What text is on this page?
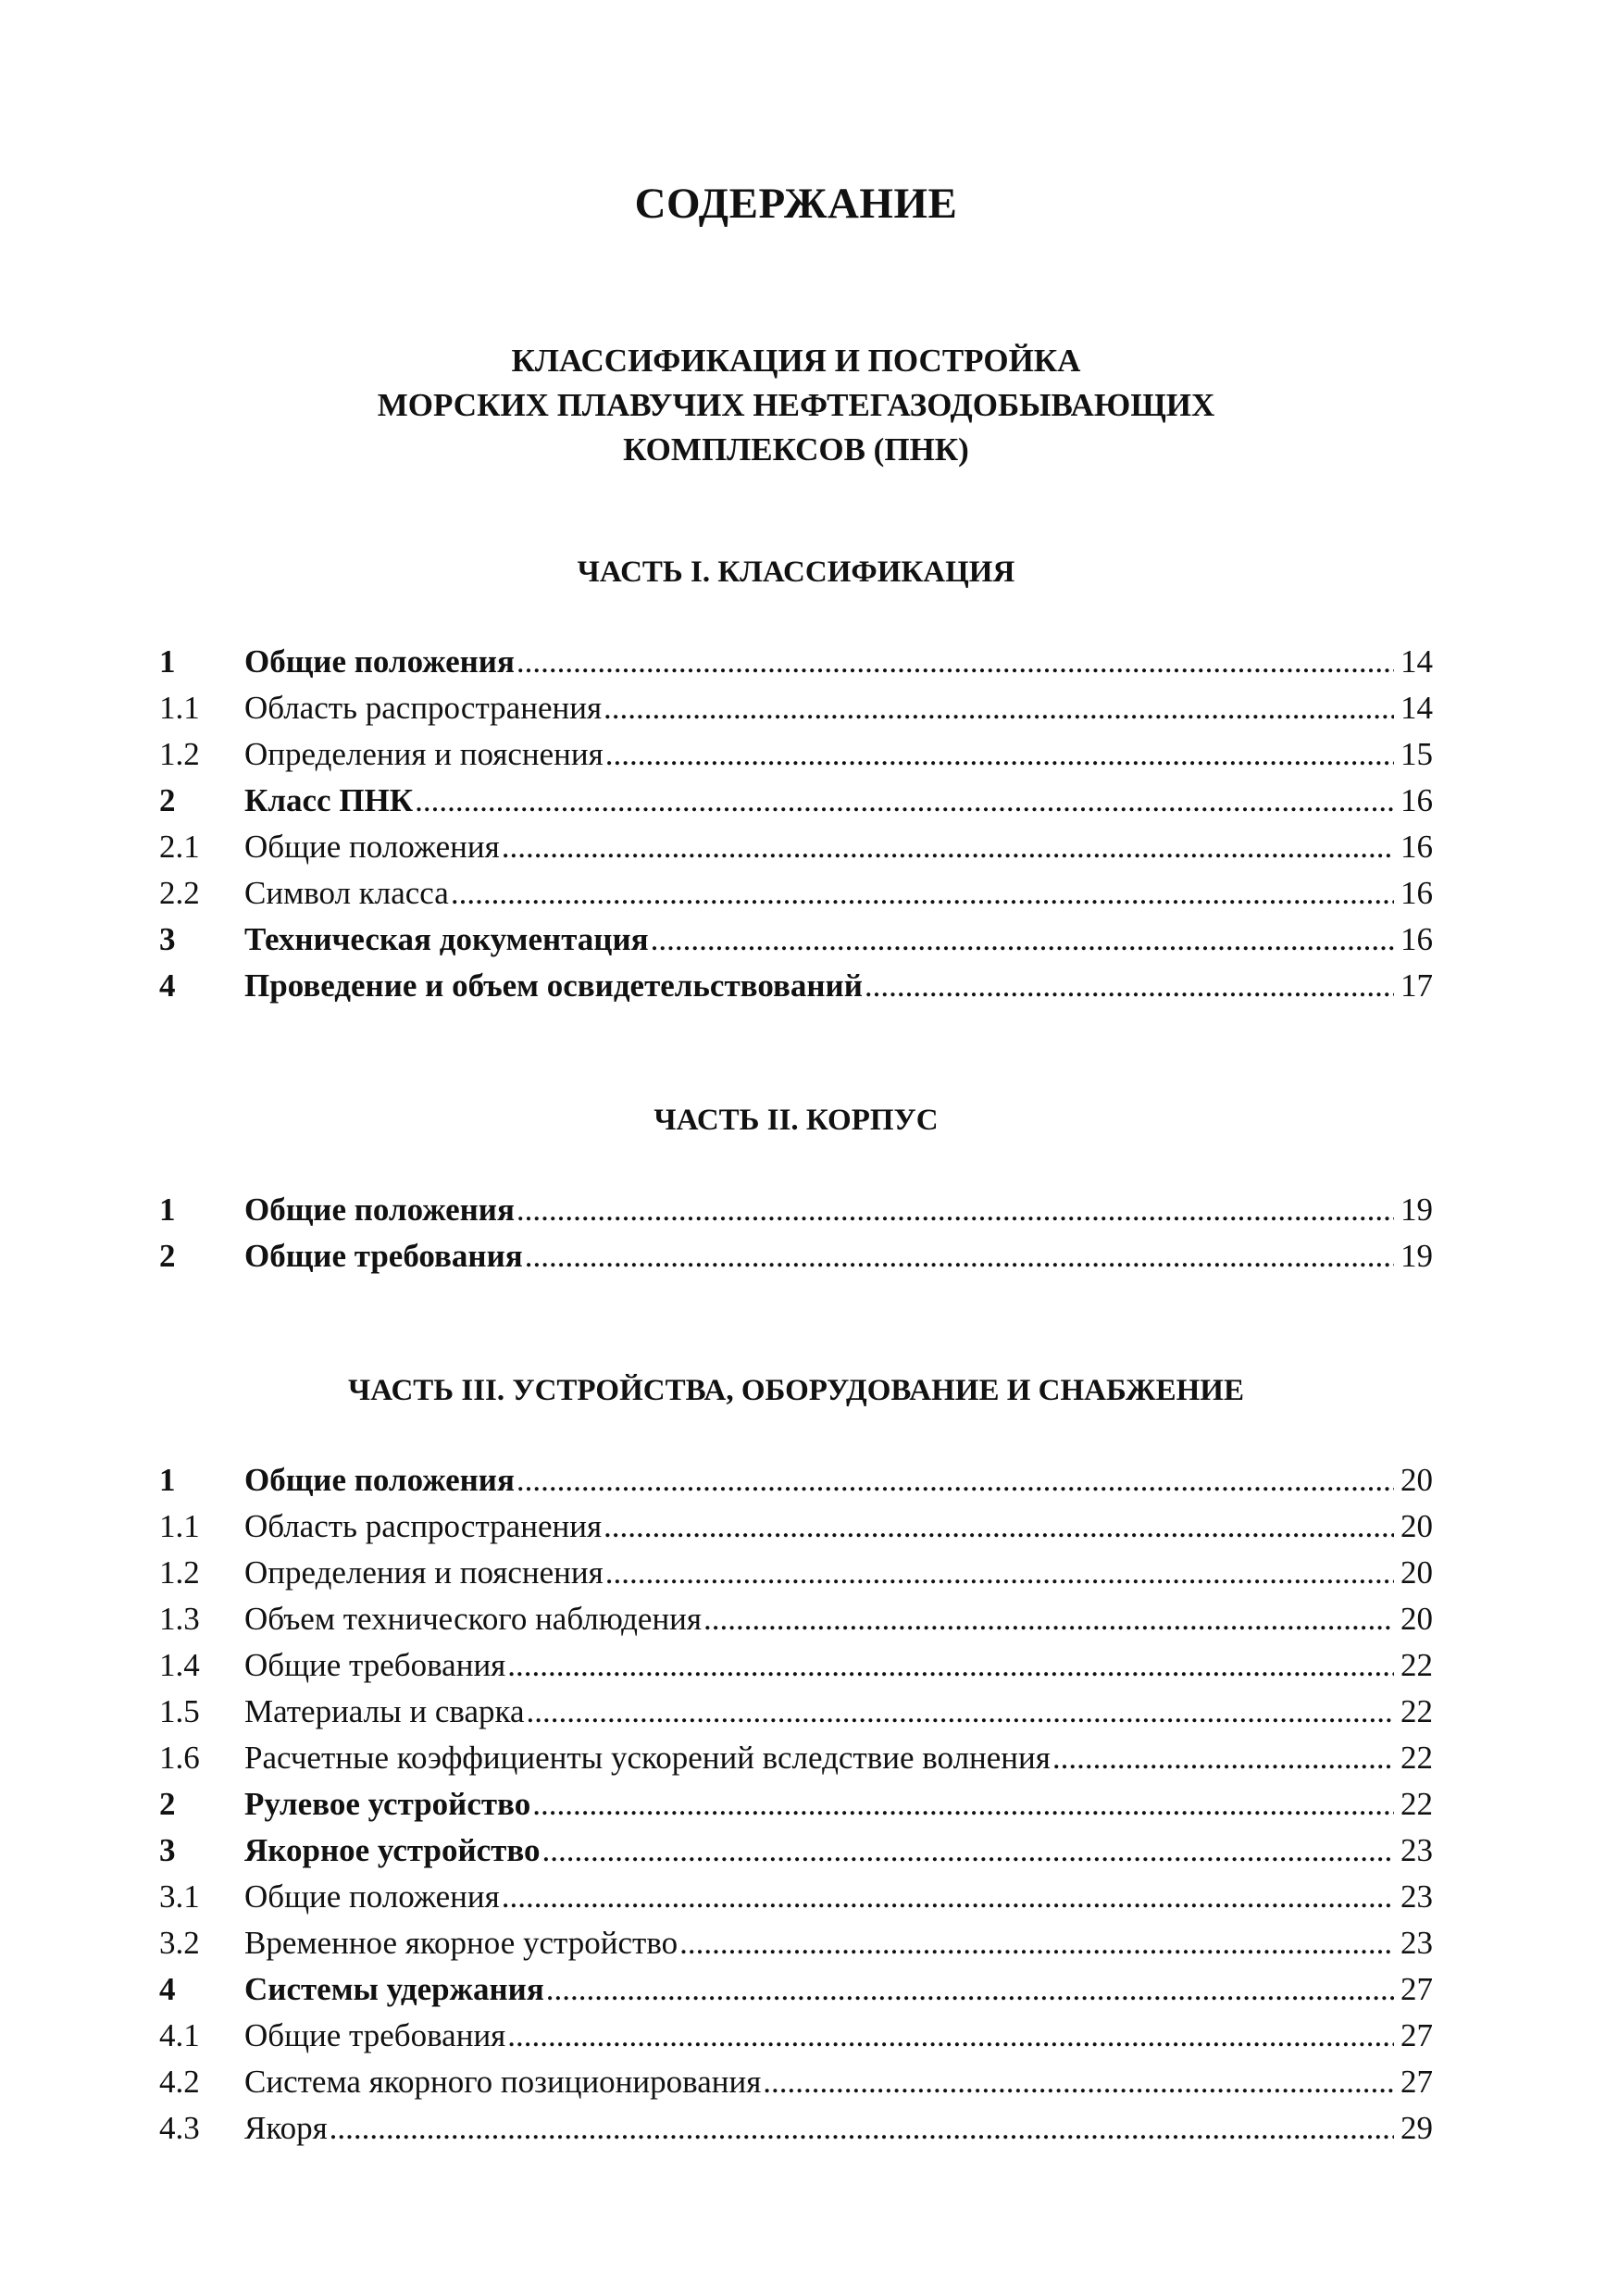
СОДЕРЖАНИЕ
КЛАССИФИКАЦИЯ И ПОСТРОЙКА
МОРСКИХ ПЛАВУЧИХ НЕФТЕГАЗОДОБЫВАЮЩИХ
КОМПЛЕКСОВ (ПНК)
ЧАСТЬ I. КЛАССИФИКАЦИЯ
1	Общие положения .....	14
1.1	Область распространения .....	14
1.2	Определения и пояснения .....	15
2	Класс ПНК .....	16
2.1	Общие положения .....	16
2.2	Символ класса .....	16
3	Техническая документация .....	16
4	Проведение и объем освидетельствований .....	17
ЧАСТЬ II. КОРПУС
1	Общие положения .....	19
2	Общие требования .....	19
ЧАСТЬ III. УСТРОЙСТВА, ОБОРУДОВАНИЕ И СНАБЖЕНИЕ
1	Общие положения .....	20
1.1	Область распространения .....	20
1.2	Определения и пояснения .....	20
1.3	Объем технического наблюдения .....	20
1.4	Общие требования .....	22
1.5	Материалы и сварка .....	22
1.6	Расчетные коэффициенты ускорений вследствие волнения .....	22
2	Рулевое устройство .....	22
3	Якорное устройство .....	23
3.1	Общие положения .....	23
3.2	Временное якорное устройство .....	23
4	Системы удержания .....	27
4.1	Общие требования .....	27
4.2	Система якорного позиционирования .....	27
4.3	Якоря .....	29
